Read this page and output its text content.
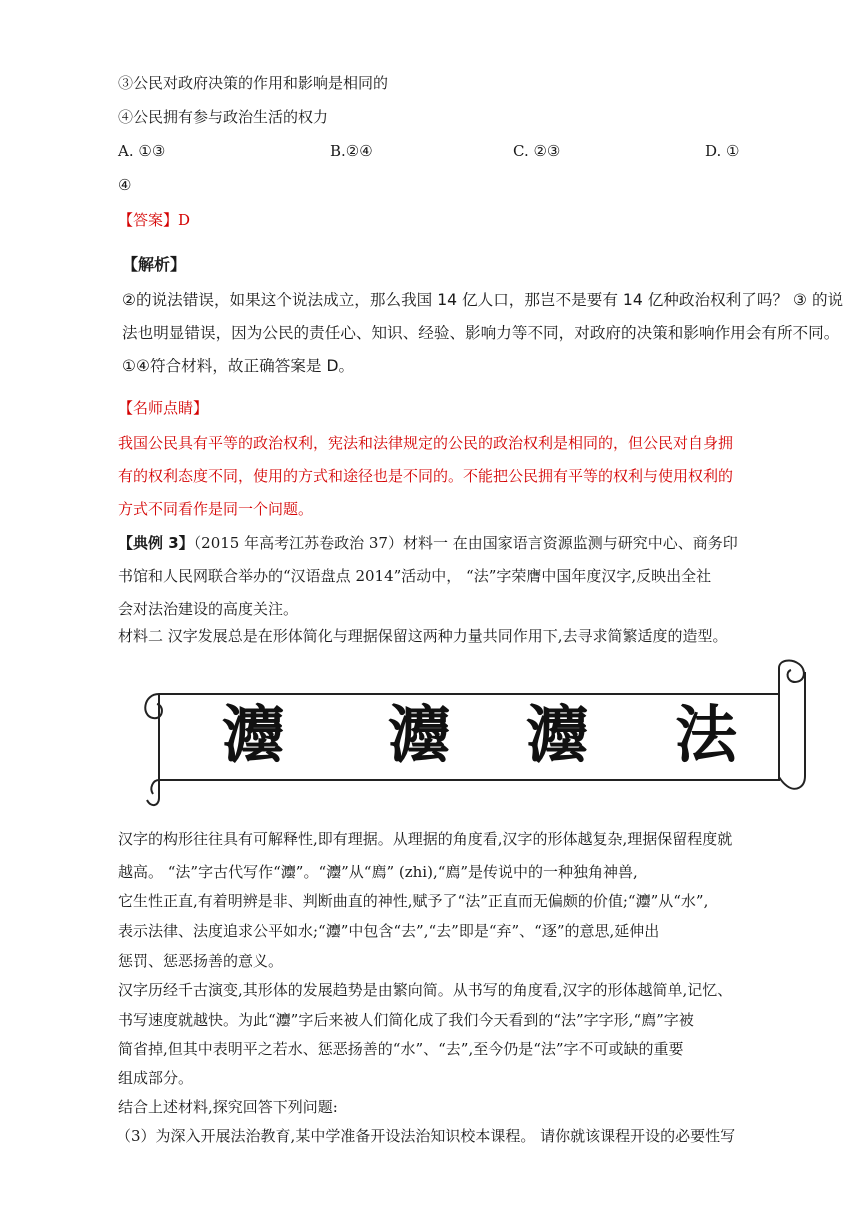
③公民对政府决策的作用和影响是相同的
④公民拥有参与政治生活的权力
A. ①③	B.②④	C. ②③	D. ①
④
【答案】D
【解析】
②的说法错误，如果这个说法成立，那么我国 14 亿人口，那岂不是要有 14 亿种政治权利了吗？ ③ 的说
法也明显错误，因为公民的责任心、知识、经验、影响力等不同，对政府的决策和影响作用会有所不同。
①④符合材料，故正确答案是 D。
【名师点睛】
我国公民具有平等的政治权利，宪法和法律规定的公民的政治权利是相同的，但公民对自身拥
有的权利态度不同，使用的方式和途径也是不同的。不能把公民拥有平等的权利与使用权利的
方式不同看作是同一个问题。
【典例 3】（2015 年高考江苏卷政治 37）材料一 在由国家语言资源监测与研究中心、商务印
书馆和人民网联合举办的“汉语盘点 2014”活动中， “法”字荣膺中国年度汉字,反映出全社
会对法治建设的高度关注。
材料二 汉字发展总是在形体简化与理据保留这两种力量共同作用下,去寻求简繁适度的造型。
灋 灋 灋 法
汉字的构形往往具有可解释性,即有理据。从理据的角度看,汉字的形体越复杂,理据保留程度就
越高。 “法”字古代写作“灋”。“灋”从“廌” (zhi),“廌”是传说中的一种独角神兽,
它生性正直,有着明辨是非、判断曲直的神性,赋予了“法”正直而无偏颇的价值;“灋”从“水”,
表示法律、法度追求公平如水;“灋”中包含“去”,“去”即是“弃”、“逐”的意思,延伸出
惩罚、惩恶扬善的意义。
汉字历经千古演变,其形体的发展趋势是由繁向简。从书写的角度看,汉字的形体越简单,记忆、
书写速度就越快。为此“灋”字后来被人们简化成了我们今天看到的“法”字字形,“廌”字被
简省掉,但其中表明平之若水、惩恶扬善的“水”、“去”,至今仍是“法”字不可或缺的重要
组成部分。
结合上述材料,探究回答下列问题:
（3）为深入开展法治教育,某中学准备开设法治知识校本课程。 请你就该课程开设的必要性写
